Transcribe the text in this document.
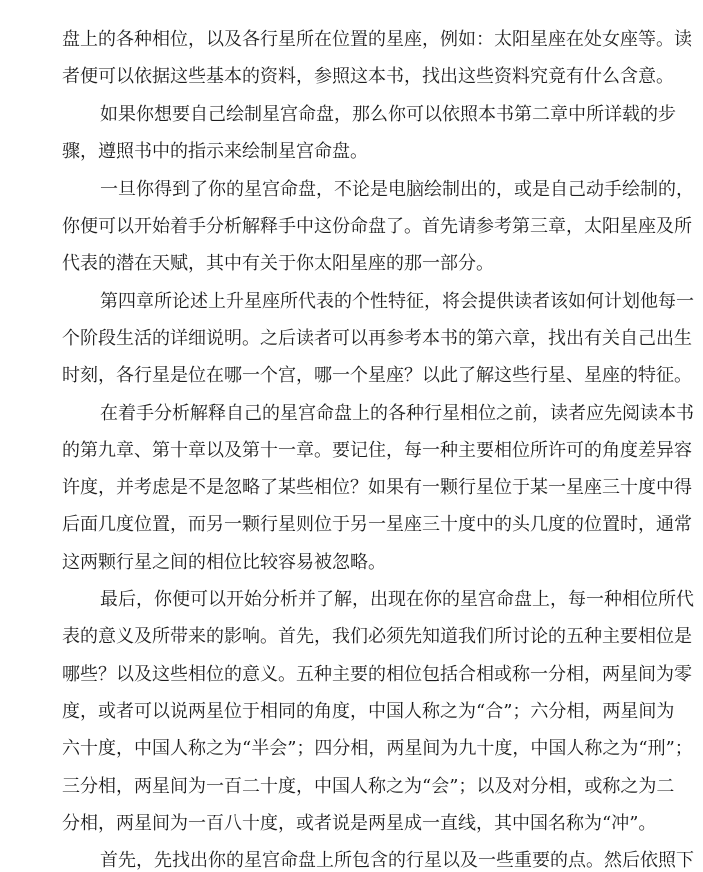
盘上的各种相位，以及各行星所在位置的星座，例如：太阳星座在处女座等。读
者便可以依据这些基本的资料，参照这本书，找出这些资料究竟有什么含意。
如果你想要自己绘制星宫命盘，那么你可以依照本书第二章中所详载的步
骤，遵照书中的指示来绘制星宫命盘。
一旦你得到了你的星宫命盘，不论是电脑绘制出的，或是自己动手绘制的，
你便可以开始着手分析解释手中这份命盘了。首先请参考第三章，太阳星座及所
代表的潜在天赋，其中有关于你太阳星座的那一部分。
第四章所论述上升星座所代表的个性特征，将会提供读者该如何计划他每一
个阶段生活的详细说明。之后读者可以再参考本书的第六章，找出有关自己出生
时刻，各行星是位在哪一个宫，哪一个星座？以此了解这些行星、星座的特征。
在着手分析解释自己的星宫命盘上的各种行星相位之前，读者应先阅读本书
的第九章、第十章以及第十一章。要记住，每一种主要相位所许可的角度差异容
许度，并考虑是不是忽略了某些相位？如果有一颗行星位于某一星座三十度中得
后面几度位置，而另一颗行星则位于另一星座三十度中的头几度的位置时，通常
这两颗行星之间的相位比较容易被忽略。
最后，你便可以开始分析并了解，出现在你的星宫命盘上，每一种相位所代
表的意义及所带来的影响。首先，我们必须先知道我们所讨论的五种主要相位是
哪些？以及这些相位的意义。五种主要的相位包括合相或称一分相，两星间为零
度，或者可以说两星位于相同的角度，中国人称之为“合”；六分相，两星间为
六十度，中国人称之为“半会”；四分相，两星间为九十度，中国人称之为“刑”；
三分相，两星间为一百二十度，中国人称之为“会”；以及对分相，或称之为二
分相，两星间为一百八十度，或者说是两星成一直线，其中国名称为“冲”。
首先，先找出你的星宫命盘上所包含的行星以及一些重要的点。然后依照下
